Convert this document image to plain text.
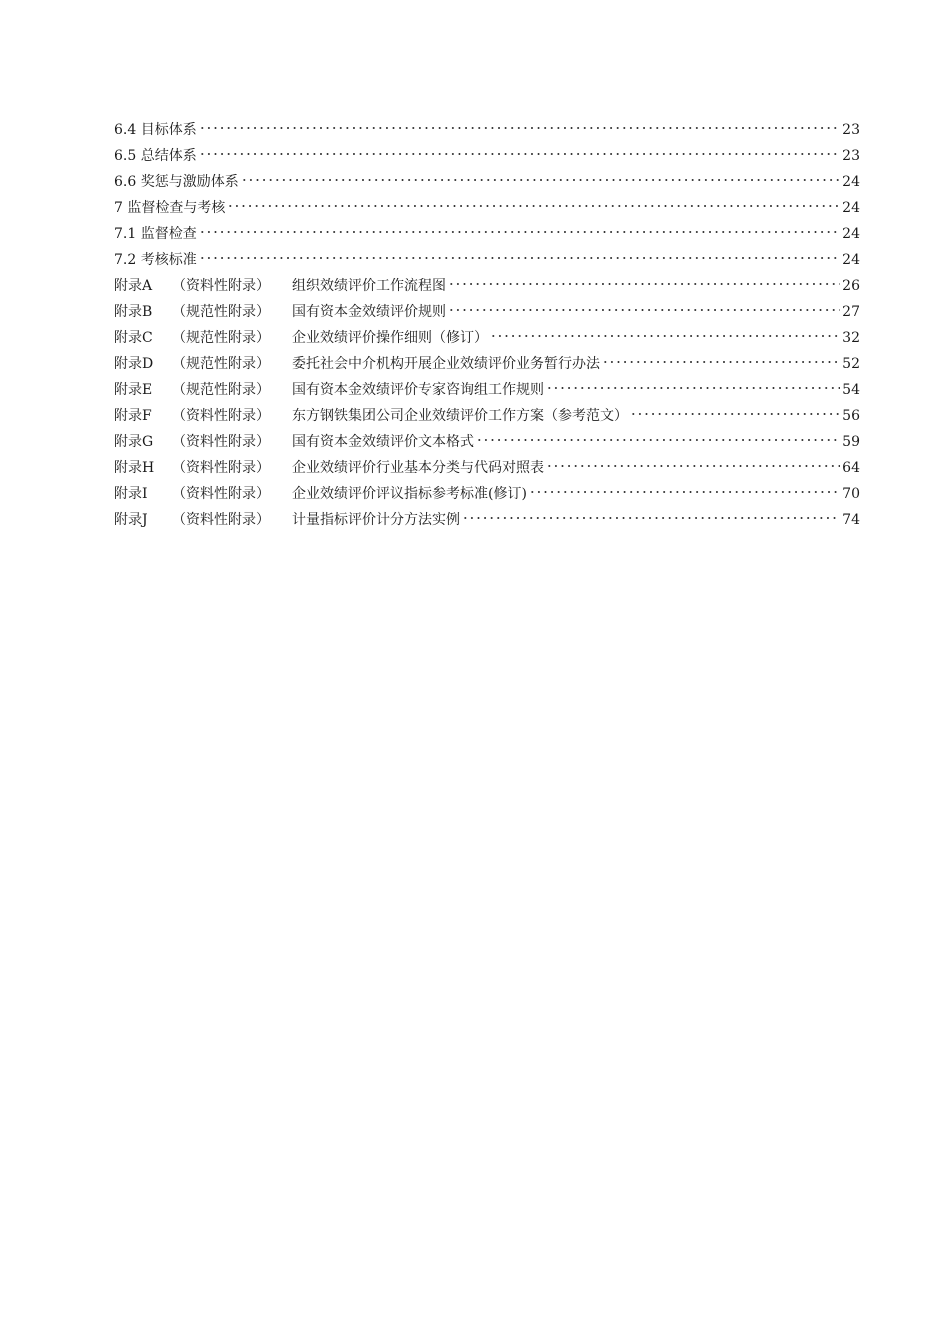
6.4 目标体系	23
6.5 总结体系	23
6.6 奖惩与激励体系	24
7 监督检查与考核	24
7.1 监督检查	24
7.2 考核标准	24
附录A （资料性附录） 组织效绩评价工作流程图	26
附录B （规范性附录） 国有资本金效绩评价规则	27
附录C （规范性附录） 企业效绩评价操作细则（修订）	32
附录D （规范性附录） 委托社会中介机构开展企业效绩评价业务暂行办法	52
附录E （规范性附录） 国有资本金效绩评价专家咨询组工作规则	54
附录F （资料性附录） 东方钢铁集团公司企业效绩评价工作方案（参考范文）	56
附录G （资料性附录） 国有资本金效绩评价文本格式	59
附录H （资料性附录） 企业效绩评价行业基本分类与代码对照表	64
附录I （资料性附录） 企业效绩评价评议指标参考标准(修订)	70
附录J （资料性附录） 计量指标评价计分方法实例	74
